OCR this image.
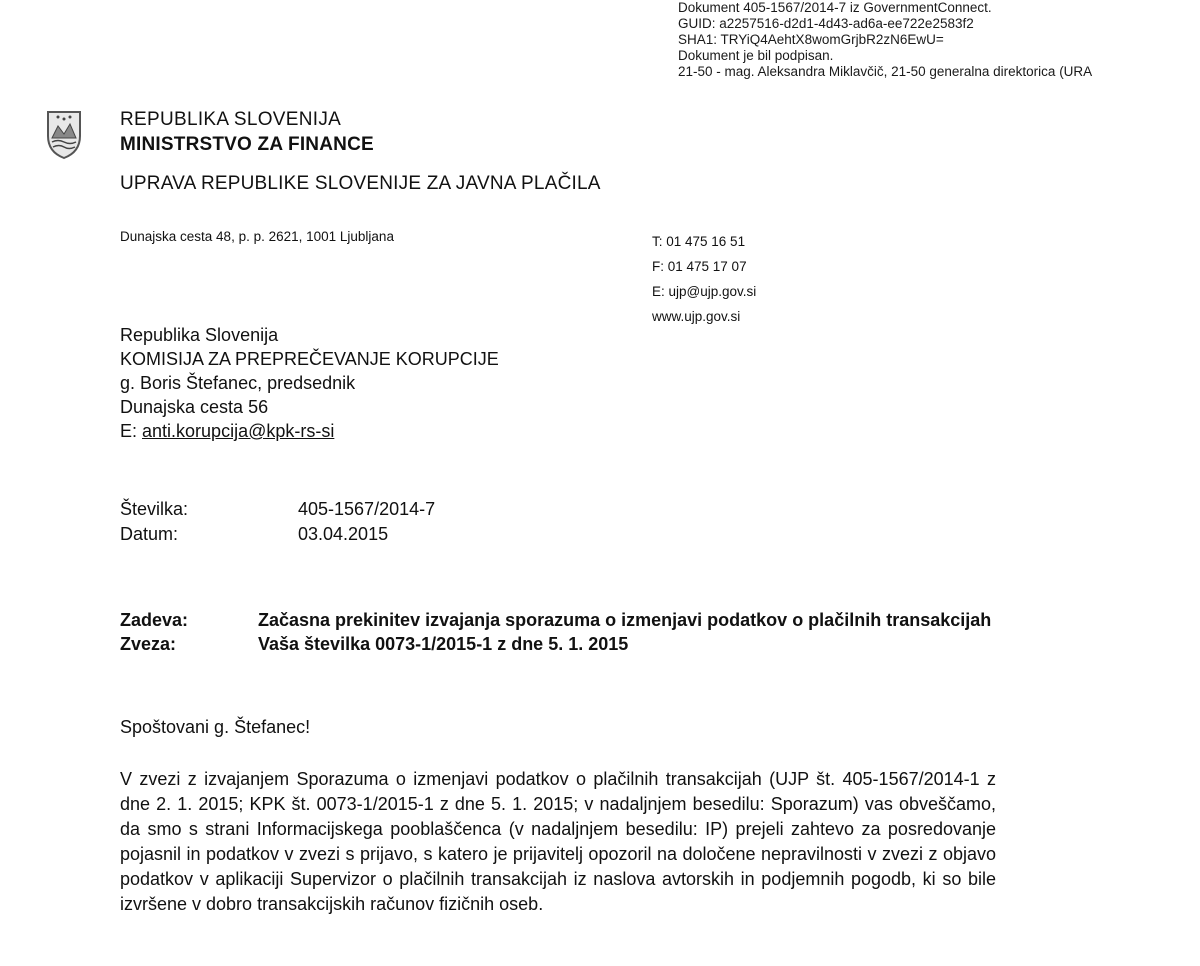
Dokument 405-1567/2014-7 iz GovernmentConnect.
GUID: a2257516-d2d1-4d43-ad6a-ee722e2583f2
SHA1: TRYiQ4AehtX8womGrjbR2zN6EwU=
Dokument je bil podpisan.
21-50 - mag. Aleksandra Miklavčič, 21-50 generalna direktorica (URA
REPUBLIKA SLOVENIJA
MINISTRSTVO ZA FINANCE
UPRAVA REPUBLIKE SLOVENIJE ZA JAVNA PLAČILA
Dunajska cesta 48, p. p. 2621, 1001 Ljubljana	T: 01 475 16 51
F: 01 475 17 07
E: ujp@ujp.gov.si
www.ujp.gov.si
Republika Slovenija
KOMISIJA ZA PREPREČEVANJE KORUPCIJE
g. Boris Štefanec, predsednik
Dunajska cesta 56
E: anti.korupcija@kpk-rs-si
Številka:	405-1567/2014-7
Datum:	03.04.2015
Zadeva:	Začasna prekinitev izvajanja sporazuma o izmenjavi podatkov o plačilnih transakcijah
Zveza:	Vaša številka 0073-1/2015-1 z dne 5. 1. 2015
Spoštovani g. Štefanec!
V zvezi z izvajanjem Sporazuma o izmenjavi podatkov o plačilnih transakcijah (UJP št. 405-1567/2014-1 z dne 2. 1. 2015; KPK št. 0073-1/2015-1 z dne 5. 1. 2015; v nadaljnjem besedilu: Sporazum) vas obveščamo, da smo s strani Informacijskega pooblaščenca (v nadaljnjem besedilu: IP) prejeli zahtevo za posredovanje pojasnil in podatkov v zvezi s prijavo, s katero je prijavitelj opozoril na določene nepravilnosti v zvezi z objavo podatkov v aplikaciji Supervizor o plačilnih transakcijah iz naslova avtorskih in podjemnih pogodb, ki so bile izvršene v dobro transakcijskih računov fizičnih oseb.
